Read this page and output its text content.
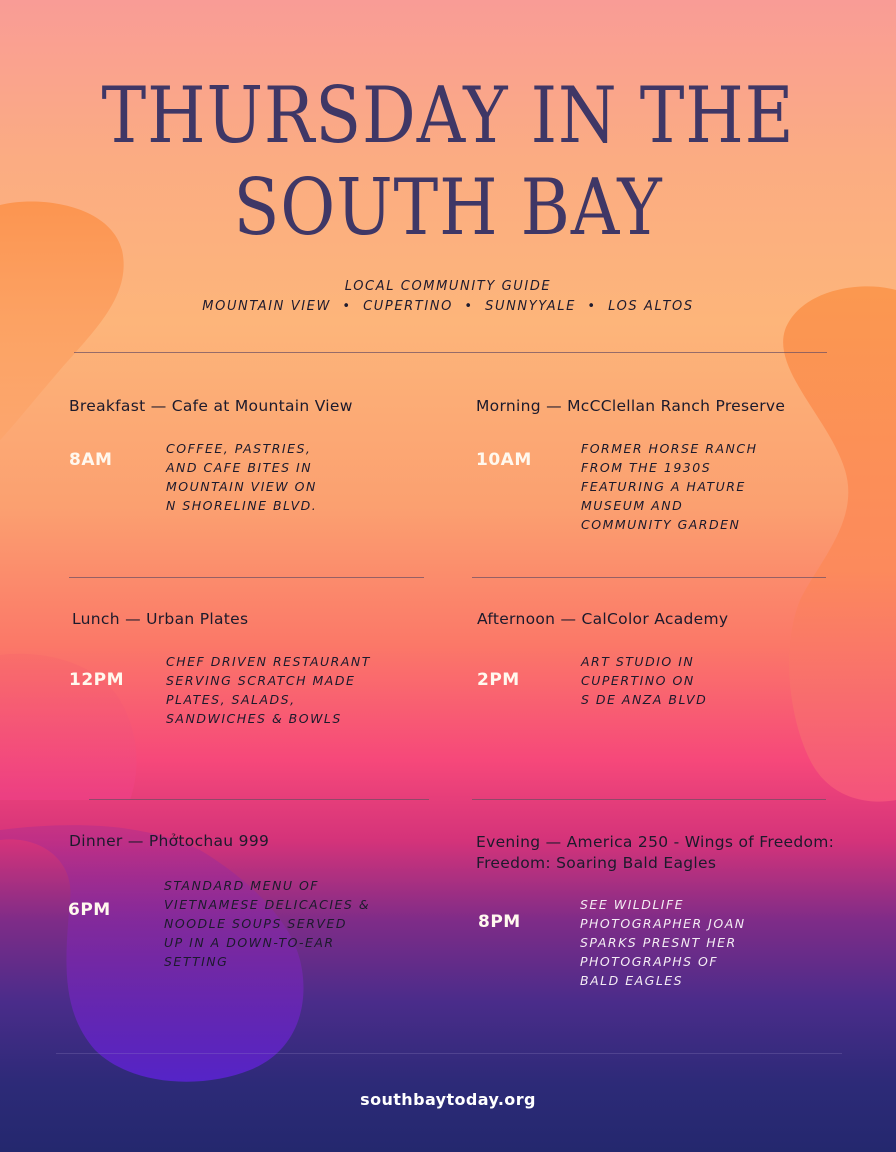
THURSDAY IN THE
SOUTH BAY
LOCAL COMMUNITY GUIDE
MOUNTAIN VIEW  •  CUPERTINO  •  SUNNYYALE  •  LOS ALTOS
Breakfast — Cafe at Mountain View
8AM
COFFEE, PASTRIES,
AND CAFE BITES IN
MOUNTAIN VIEW ON
N SHORELINE BLVD.
Morning — McCClellan Ranch Preserve
10AM
FORMER HORSE RANCH
FROM THE 1930S
FEATURING A HATURE
MUSEUM AND
COMMUNITY GARDEN
Lunch — Urban Plates
12PM
CHEF DRIVEN RESTAURANT
SERVING SCRATCH MADE
PLATES, SALADS,
SANDWICHES & BOWLS
Afternoon — CalColor Academy
2PM
ART STUDIO IN
CUPERTINO ON
S DE ANZA BLVD
Dinner — Phởtochau 999
6PM
STANDARD MENU OF
VIETNAMESE DELICACIES &
NOODLE SOUPS SERVED
UP IN A DOWN-TO-EAR
SETTING
Evening — America 250 - Wings of Freedom: Freedom: Soaring Bald Eagles
8PM
SEE WILDLIFE
PHOTOGRAPHER JOAN
SPARKS PRESNT HER
PHOTOGRAPHS OF
BALD EAGLES
southbaytoday.org
